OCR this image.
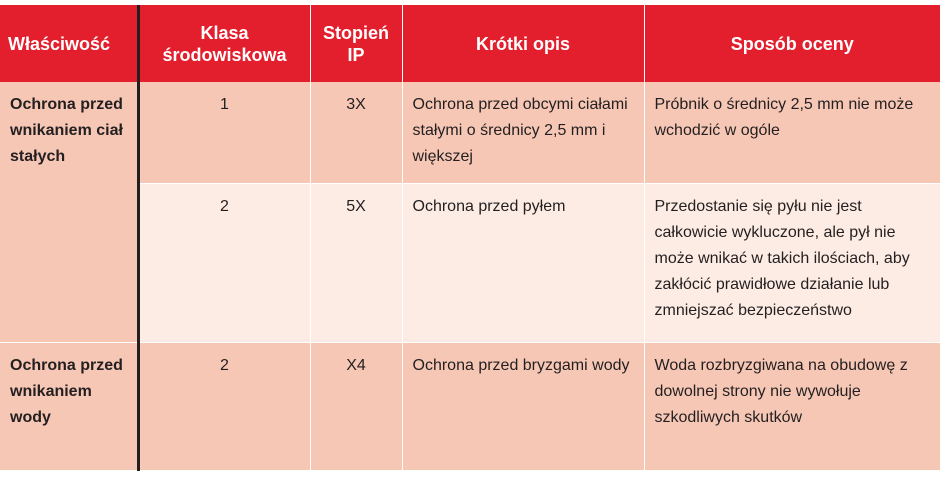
Właściwość	Klasa środowiskowa	Stopień IP	Krótki opis	Sposób oceny
Ochrona przed wnikaniem ciał stałych	1	3X	Ochrona przed obcymi ciałami stałymi o średnicy 2,5 mm i większej	Próbnik o średnicy 2,5 mm nie może wchodzić w ogóle
	2	5X	Ochrona przed pyłem	Przedostanie się pyłu nie jest całkowicie wykluczone, ale pył nie może wnikać w takich ilościach, aby zakłócić prawidłowe działanie lub zmniejszać bezpieczeństwo
Ochrona przed wnikaniem wody	2	X4	Ochrona przed bryzgami wody	Woda rozbryzgiwana na obudowę z dowolnej strony nie wywołuje szkodliwych skutków
